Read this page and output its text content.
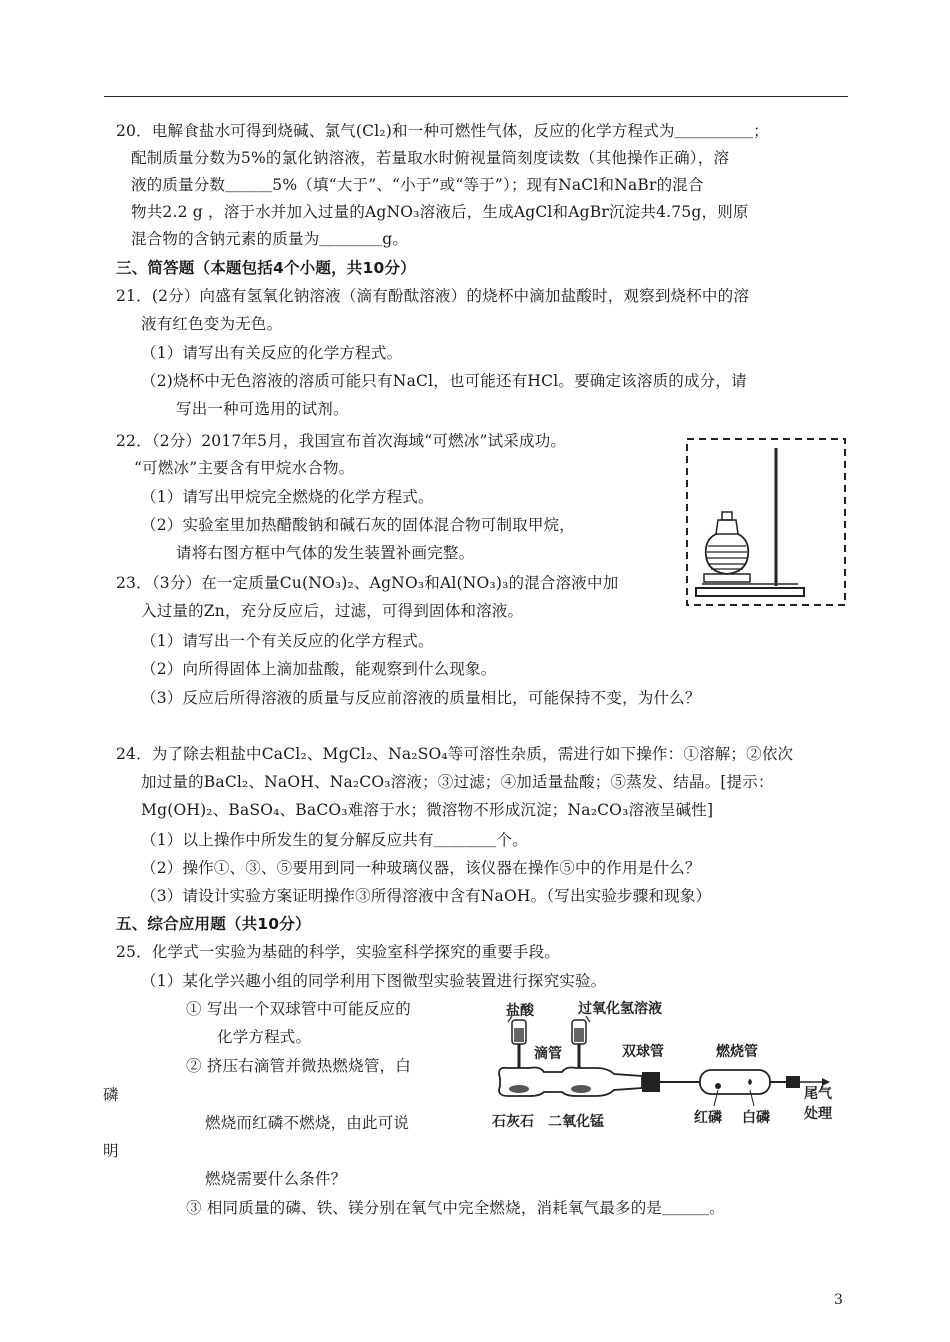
20．电解食盐水可得到烧碱、氯气(Cl₂)和一种可燃性气体，反应的化学方程式为＿＿＿＿＿；
配制质量分数为5%的氯化钠溶液，若量取水时俯视量筒刻度读数（其他操作正确），溶
液的质量分数＿＿＿5%（填“大于”、“小于”或“等于”）；现有NaCl和NaBr的混合
物共2.2 g ，溶于水并加入过量的AgNO₃溶液后，生成AgCl和AgBr沉淀共4.75g，则原
混合物的含钠元素的质量为＿＿＿＿g。
三、简答题（本题包括4个小题，共10分）
21．(2分）向盛有氢氧化钠溶液（滴有酚酞溶液）的烧杯中滴加盐酸时，观察到烧杯中的溶
液有红色变为无色。
（1）请写出有关反应的化学方程式。
（2)烧杯中无色溶液的溶质可能只有NaCl，也可能还有HCl。要确定该溶质的成分，请
写出一种可选用的试剂。
22．（2分）2017年5月，我国宣布首次海域“可燃冰”试采成功。
“可燃冰”主要含有甲烷水合物。
（1）请写出甲烷完全燃烧的化学方程式。
（2）实验室里加热醋酸钠和碱石灰的固体混合物可制取甲烷，
请将右图方框中气体的发生装置补画完整。
23．（3分）在一定质量Cu(NO₃)₂、AgNO₃和Al(NO₃)₃的混合溶液中加
入过量的Zn，充分反应后，过滤，可得到固体和溶液。
（1）请写出一个有关反应的化学方程式。
（2）向所得固体上滴加盐酸，能观察到什么现象。
（3）反应后所得溶液的质量与反应前溶液的质量相比，可能保持不变，为什么？
24．为了除去粗盐中CaCl₂、MgCl₂、Na₂SO₄等可溶性杂质，需进行如下操作：①溶解；②依次
加过量的BaCl₂、NaOH、Na₂CO₃溶液；③过滤；④加适量盐酸；⑤蒸发、结晶。[提示：
Mg(OH)₂、BaSO₄、BaCO₃难溶于水；微溶物不形成沉淀；Na₂CO₃溶液呈碱性]
（1）以上操作中所发生的复分解反应共有＿＿＿＿个。
（2）操作①、③、⑤要用到同一种玻璃仪器，该仪器在操作⑤中的作用是什么？
（3）请设计实验方案证明操作③所得溶液中含有NaOH。（写出实验步骤和现象）
五、综合应用题（共10分）
25．化学式一实验为基础的科学，实验室科学探究的重要手段。
（1）某化学兴趣小组的同学利用下图微型实验装置进行探究实验。
① 写出一个双球管中可能反应的
化学方程式。
② 挤压右滴管并微热燃烧管，白
磷
燃烧而红磷不燃烧，由此可说
明
燃烧需要什么条件？
③ 相同质量的磷、铁、镁分别在氧气中完全燃烧，消耗氧气最多的是＿＿＿。
盐酸	过氧化氢溶液
滴管	双球管	燃烧管
尾气
处理
石灰石 二氧化锰	红磷 白磷
3
